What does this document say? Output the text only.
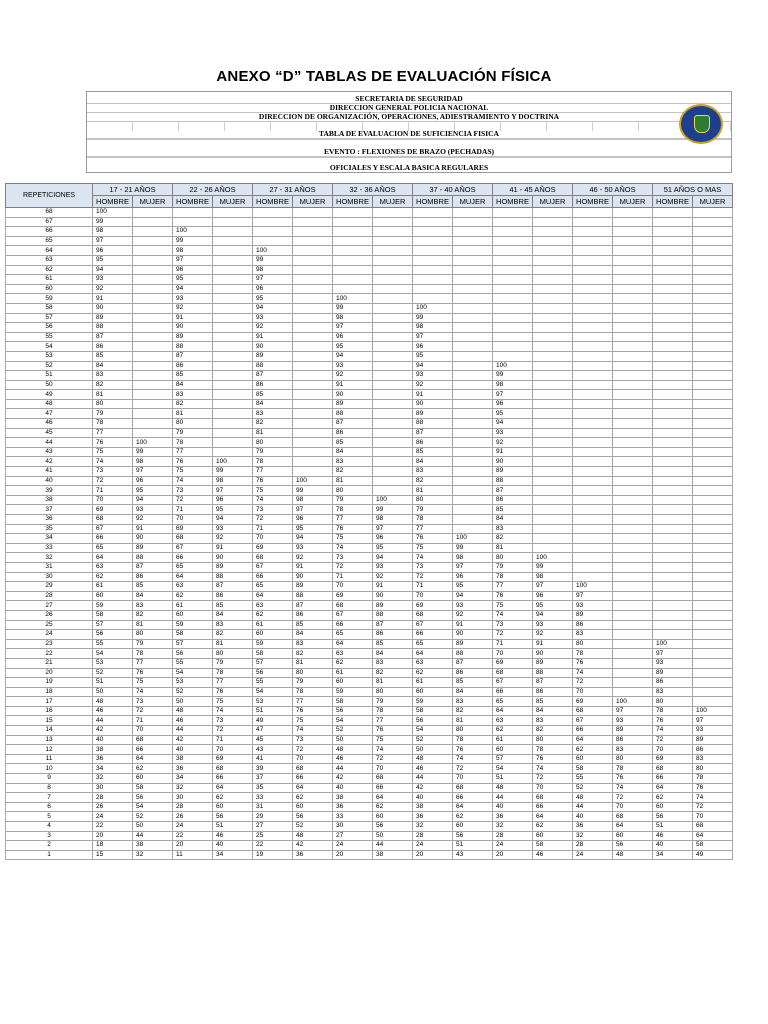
ANEXO “D” TABLAS DE EVALUACIÓN FÍSICA
SECRETARIA DE SEGURIDAD
DIRECCION GENERAL POLICIA NACIONAL
DIRECCION DE ORGANIZACIÓN, OPERACIONES, ADIESTRAMIENTO Y DOCTRINA
TABLA DE EVALUACION DE SUFICIENCIA FISICA
EVENTO : FLEXIONES DE BRAZO (PECHADAS)
OFICIALES Y ESCALA BASICA REGULARES
REPETICIONES	17 - 21 AÑOS		22 - 26 AÑOS		27 - 31 AÑOS		32 - 36 AÑOS		37 - 40 AÑOS		41 - 45 AÑOS		46 - 50 AÑOS		51 AÑOS O MAS	
	HOMBRE	MUJER	HOMBRE	MUJER	HOMBRE	MUJER	HOMBRE	MUJER	HOMBRE	MUJER	HOMBRE	MUJER	HOMBRE	MUJER	HOMBRE	MUJER
68	100															
67	99															
66	98		100													
65	97		99													
64	96		98		100											
63	95		97		99											
62	94		96		98											
61	93		95		97											
60	92		94		96											
59	91		93		95		100									
58	90		92		94		99		100							
57	89		91		93		98		99							
56	88		90		92		97		98							
55	87		89		91		96		97							
54	86		88		90		95		96							
53	85		87		89		94		95							
52	84		86		88		93		94		100					
51	83		85		87		92		93		99					
50	82		84		86		91		92		98					
49	81		83		85		90		91		97					
48	80		82		84		89		90		96					
47	79		81		83		88		89		95					
46	78		80		82		87		88		94					
45	77		79		81		86		87		93					
44	76	100	78		80		85		86		92					
43	75	99	77		79		84		85		91					
42	74	98	76	100	78		83		84		90					
41	73	97	75	99	77		82		83		89					
40	72	96	74	98	76	100	81		82		88					
39	71	95	73	97	75	99	80		81		87					
38	70	94	72	96	74	98	79	100	80		86					
37	69	93	71	95	73	97	78	99	79		85					
36	68	92	70	94	72	96	77	98	78		84					
35	67	91	69	93	71	95	76	97	77		83					
34	66	90	68	92	70	94	75	96	76	100	82					
33	65	89	67	91	69	93	74	95	75	99	81					
32	64	88	66	90	68	92	73	94	74	98	80	100				
31	63	87	65	89	67	91	72	93	73	97	79	99				
30	62	86	64	88	66	90	71	92	72	96	78	98				
29	61	85	63	87	65	89	70	91	71	95	77	97	100			
28	60	84	62	86	64	88	69	90	70	94	76	96	97			
27	59	83	61	85	63	87	68	89	69	93	75	95	93			
26	58	82	60	84	62	86	67	88	68	92	74	94	89			
25	57	81	59	83	61	85	66	87	67	91	73	93	86			
24	56	80	58	82	60	84	65	86	66	90	72	92	83			
23	55	79	57	81	59	83	64	85	65	89	71	91	80		100	
22	54	78	56	80	58	82	63	84	64	88	70	90	78		97	
21	53	77	55	79	57	81	62	83	63	87	69	89	76		93	
20	52	76	54	78	56	80	61	82	62	86	68	88	74		89	
19	51	75	53	77	55	79	60	81	61	85	67	87	72		86	
18	50	74	52	76	54	78	59	80	60	84	66	86	70		83	
17	48	73	50	75	53	77	58	79	59	83	65	85	69	100	80	
16	46	72	48	74	51	76	56	78	58	82	64	84	68	97	78	100
15	44	71	46	73	49	75	54	77	56	81	63	83	67	93	76	97
14	42	70	44	72	47	74	52	76	54	80	62	82	66	89	74	93
13	40	68	42	71	45	73	50	75	52	78	61	80	64	86	72	89
12	38	66	40	70	43	72	48	74	50	76	60	78	62	83	70	86
11	36	64	38	69	41	70	46	72	48	74	57	76	60	80	69	83
10	34	62	36	68	39	68	44	70	46	72	54	74	58	78	68	80
9	32	60	34	66	37	66	42	68	44	70	51	72	55	76	66	78
8	30	58	32	64	35	64	40	66	42	68	48	70	52	74	64	76
7	28	56	30	62	33	62	38	64	40	66	44	68	48	72	62	74
6	26	54	28	60	31	60	36	62	38	64	40	66	44	70	60	72
5	24	52	26	56	29	56	33	60	36	62	36	64	40	68	56	70
4	22	50	24	51	27	52	30	56	32	60	32	62	36	64	51	68
3	20	44	22	46	25	48	27	50	28	56	28	60	32	60	46	64
2	18	38	20	40	22	42	24	44	24	51	24	58	28	56	40	58
1	15	32	11	34	19	36	20	38	20	43	20	46	24	48	34	49
